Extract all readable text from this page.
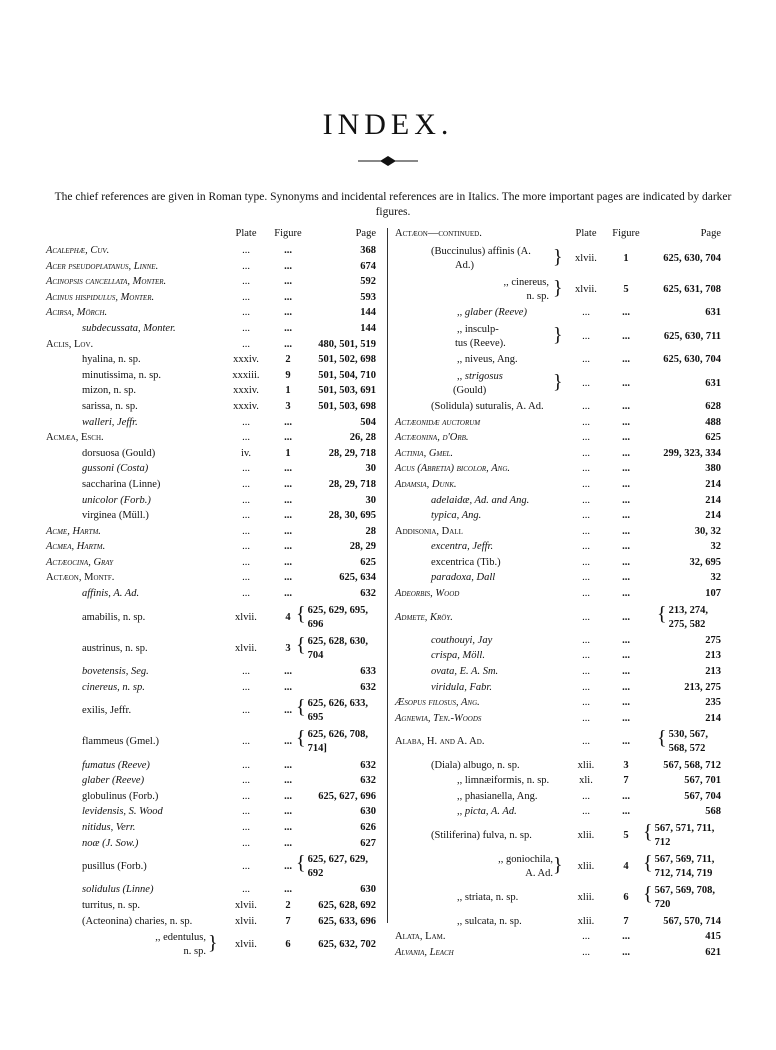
INDEX.
The chief references are given in Roman type. Synonyms and incidental references are in Italics. The more important pages are indicated by darker figures.
Plate	Figure	Page
Acalephæ, Cuv.	...	...	368
Acer pseudoplatanus, Linne.	...	...	674
Acinopsis cancellata, Monter.	...	...	592
Acinus hispidulus, Monter.	...	...	593
Acirsa, Mörch.	...	...	144
subdecussata, Monter.	...	...	144
Aclis, Lov.	...	...	480, 501, 519
hyalina, n. sp.	xxxiv.	2	501, 502, 698
minutissima, n. sp.	xxxiii.	9	501, 504, 710
mizon, n. sp.	xxxiv.	1	501, 503, 691
sarissa, n. sp.	xxxiv.	3	501, 503, 698
walleri, Jeffr.	...	...	504
Acmæa, Esch.	...	...	26, 28
dorsuosa (Gould)	iv.	1	28, 29, 718
gussoni (Costa)	...	...	30
saccharina (Linne)	...	...	28, 29, 718
unicolor (Forb.)	...	...	30
virginea (Müll.)	...	...	28, 30, 695
Acme, Hartm.	...	...	28
Acmea, Hartm.	...	...	28, 29
Actæocina, Gray	...	...	625
Actæon, Montf.	...	...	625, 634
affinis, A. Ad.	...	...	632
amabilis, n. sp.	xlvii.	4 { 625, 629, 695,
696
austrinus, n. sp.	xlvii.	3 { 625, 628, 630,
704
bovetensis, Seg.	...	...	633
cinereus, n. sp.	...	...	632
exilis, Jeffr.	...	... { 625, 626, 633,
695
flammeus (Gmel.)	...	... { 625, 626, 708,
714]
fumatus (Reeve)	...	...	632
glaber (Reeve)	...	...	632
globulinus (Forb.)	...	...	625, 627, 696
levidensis, S. Wood	...	...	630
nitidus, Verr.	...	...	626
noæ (J. Sow.)	...	...	627
pusillus (Forb.)	...	... { 625, 627, 629,
692
solidulus (Linne)	...	...	630
turritus, n. sp.	xlvii.	2	625, 628, 692
(Acteonina) charies, n. sp.	xlvii.	7	625, 633, 696
,, edentulus,
n. sp. }	xlvii.	6	625, 632, 702
Actæon—continued.	Plate	Figure	Page
(Buccinulus) affinis (A.
Ad.)	}	xlvii.	1	625, 630, 704
,, cinereus,
n. sp. }	xlvii.	5	625, 631, 708
,, glaber (Reeve)	...	...	631
,, insculp-
tus (Reeve).	}	...	...	625, 630, 711
,, niveus, Ang.	...	...	625, 630, 704
,, strigosus
(Gould)	}	...	...	631
(Solidula) suturalis, A. Ad.	...	...	628
Actæonidæ auctorum	...	...	488
Actæonina, d'Orb.	...	...	625
Actinia, Gmel.	...	...	299, 323, 334
Acus (Abretia) bicolor, Ang.	...	...	380
Adamsia, Dunk.	...	...	214
adelaidæ, Ad. and Ang.	...	...	214
typica, Ang.	...	...	214
Addisonia, Dall	...	...	30, 32
excentra, Jeffr.	...	...	32
excentrica (Tib.)	...	...	32, 695
paradoxa, Dall	...	...	32
Adeorbis, Wood	...	...	107
Admete, Kröy.	...	...	{ 213, 274,
275, 582
couthouyi, Jay	...	...	275
crispa, Möll.	...	...	213
ovata, E. A. Sm.	...	...	213
viridula, Fabr.	...	...	213, 275
Æsopus filosus, Ang.	...	...	235
Agnewia, Ten.-Woods	...	...	214
Alaba, H. and A. Ad.	...	...	{ 530, 567,
568, 572
(Diala) albugo, n. sp.	xlii.	3	567, 568, 712
,, limnæiformis, n. sp.	xli.	7	567, 701
,, phasianella, Ang.	...	...	567, 704
,, picta, A. Ad.	...	...	568
(Stiliferina) fulva, n. sp.	xlii.	5 { 567, 571, 711,
712
,, goniochila,
A. Ad. }	xlii.	4 { 567, 569, 711,
712, 714, 719
,, striata, n. sp.	xlii.	6 { 567, 569, 708,
720
,, sulcata, n. sp.	xlii.	7	567, 570, 714
Alata, Lam.	...	...	415
Alvania, Leach	...	...	621
